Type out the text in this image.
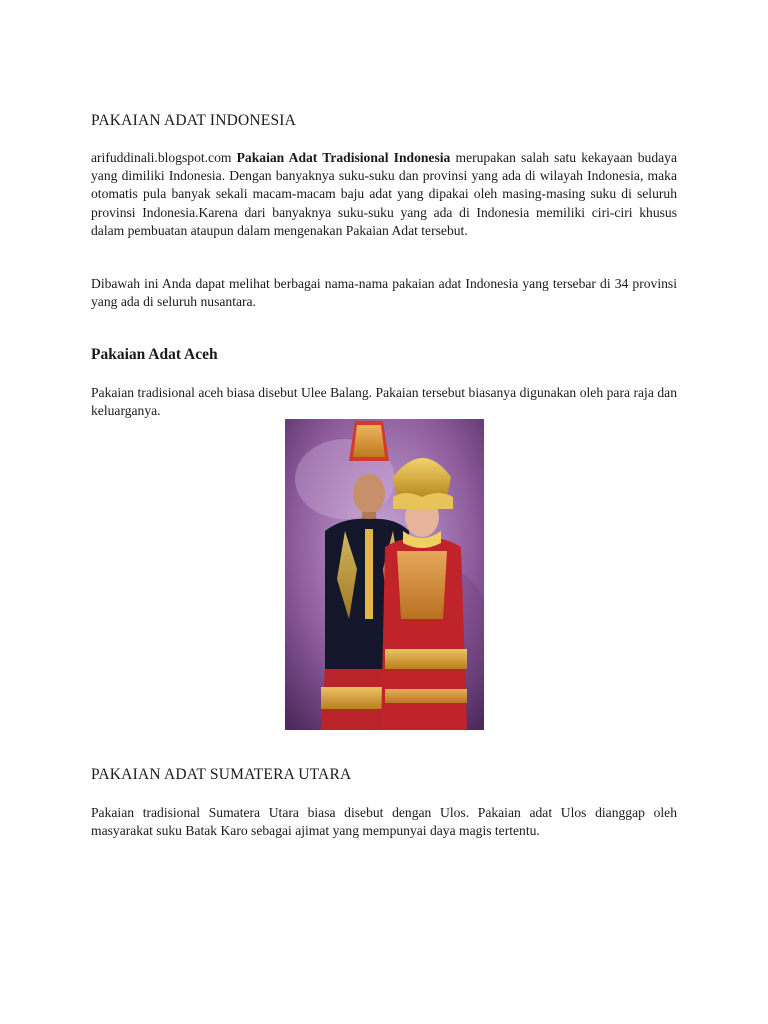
PAKAIAN ADAT INDONESIA

arifuddinali.blogspot.com Pakaian Adat Tradisional Indonesia merupakan salah satu kekayaan budaya yang dimiliki Indonesia. Dengan banyaknya suku-suku dan provinsi yang ada di wilayah Indonesia, maka otomatis pula banyak sekali macam-macam baju adat yang dipakai oleh masing-masing suku di seluruh provinsi Indonesia.Karena dari banyaknya suku-suku yang ada di Indonesia memiliki ciri-ciri khusus dalam pembuatan ataupun dalam mengenakan Pakaian Adat tersebut.

Dibawah ini Anda dapat melihat berbagai nama-nama pakaian adat Indonesia yang tersebar di 34 provinsi yang ada di seluruh nusantara.

Pakaian Adat Aceh

Pakaian tradisional aceh biasa disebut Ulee Balang. Pakaian tersebut biasanya digunakan oleh para raja dan keluarganya.

PAKAIAN ADAT SUMATERA UTARA

Pakaian tradisional Sumatera Utara biasa disebut dengan Ulos. Pakaian adat Ulos dianggap oleh masyarakat suku Batak Karo sebagai ajimat yang mempunyai daya magis tertentu.
